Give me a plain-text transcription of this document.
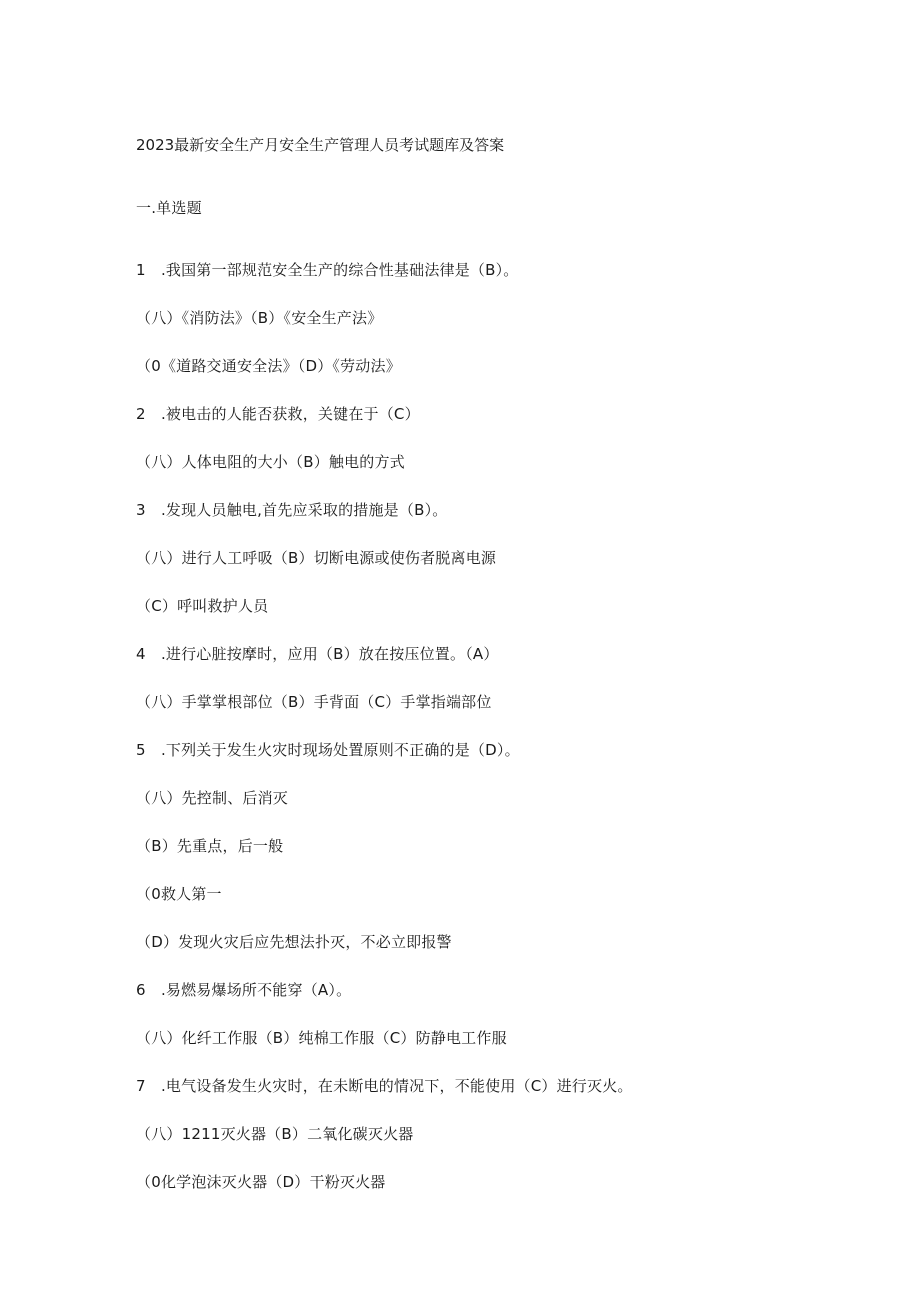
2023最新安全生产月安全生产管理人员考试题库及答案
一.单选题
1　.我国第一部规范安全生产的综合性基础法律是（B）。
（八）《消防法》（B）《安全生产法》
（0《道路交通安全法》（D）《劳动法》
2　.被电击的人能否获救，关键在于（C）
（八）人体电阻的大小（B）触电的方式
3　.发现人员触电,首先应采取的措施是（B）。
（八）进行人工呼吸（B）切断电源或使伤者脱离电源
（C）呼叫救护人员
4　.进行心脏按摩时，应用（B）放在按压位置。（A）
（八）手掌掌根部位（B）手背面（C）手掌指端部位
5　.下列关于发生火灾时现场处置原则不正确的是（D）。
（八）先控制、后消灭
（B）先重点，后一般
（0救人第一
（D）发现火灾后应先想法扑灭，不必立即报警
6　.易燃易爆场所不能穿（A）。
（八）化纤工作服（B）纯棉工作服（C）防静电工作服
7　.电气设备发生火灾时，在未断电的情况下，不能使用（C）进行灭火。
（八）1211灭火器（B）二氧化碳灭火器
（0化学泡沫灭火器（D）干粉灭火器
